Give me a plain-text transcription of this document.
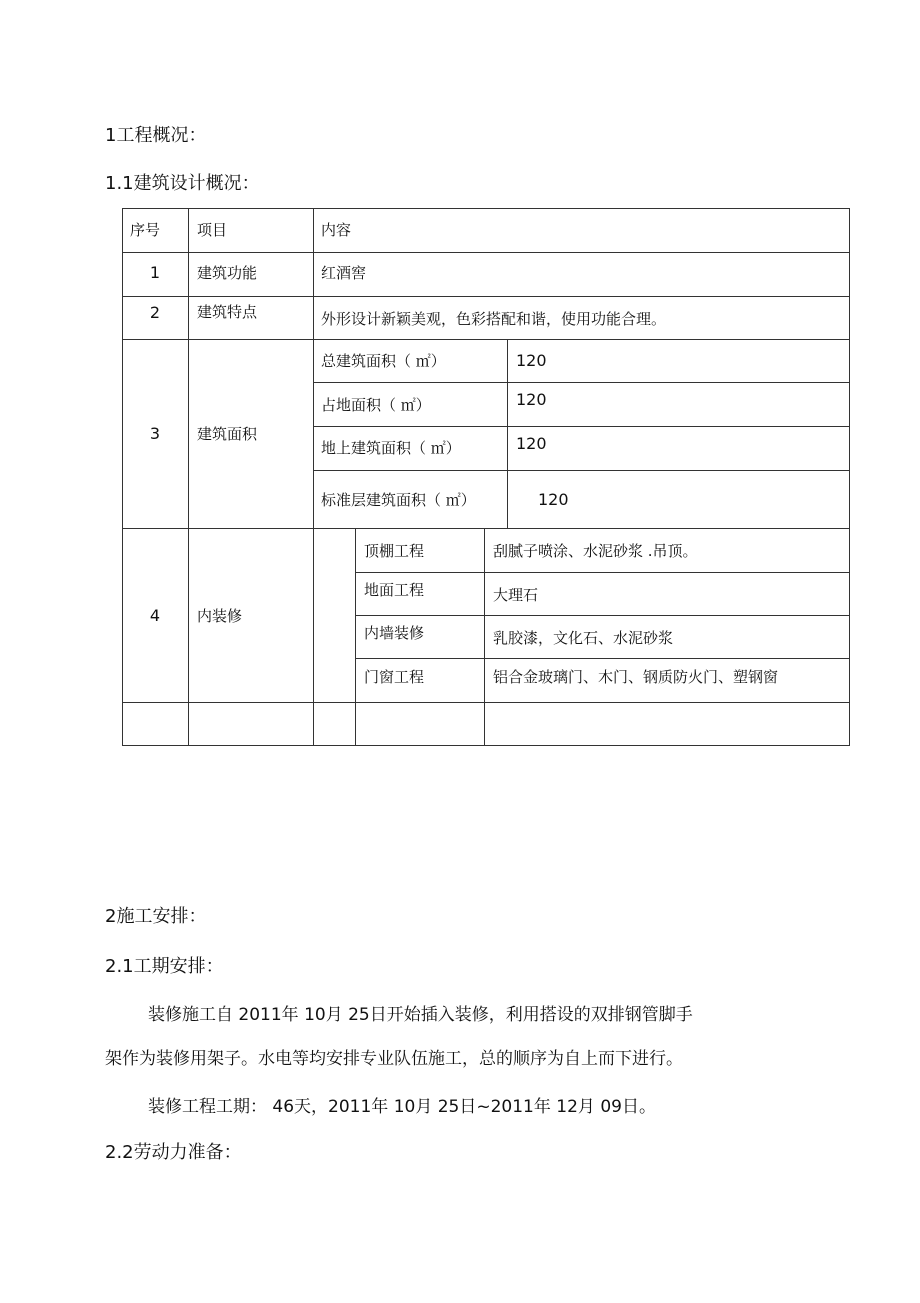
1工程概况：
1.1建筑设计概况：
序号 项目	内容
1	建筑功能	红酒窖
2	建筑特点	外形设计新颖美观，色彩搭配和谐，使用功能合理。
3	建筑面积
总建筑面积（ ㎡）	120
占地面积（ ㎡）	120
地上建筑面积（ ㎡）	120
标准层建筑面积（ ㎡）	120
4	内装修
顶棚工程	刮腻子喷涂、水泥砂浆 .吊顶。
地面工程	大理石
内墙装修	乳胶漆，文化石、水泥砂浆
门窗工程	铝合金玻璃门、木门、钢质防火门、塑钢窗
2施工安排：
2.1工期安排：
装修施工自 2011年 10月 25日开始插入装修，利用搭设的双排钢管脚手
架作为装修用架子。水电等均安排专业队伍施工，总的顺序为自上而下进行。
装修工程工期： 46天，2011年 10月 25日~2011年 12月 09日。
2.2劳动力准备：
